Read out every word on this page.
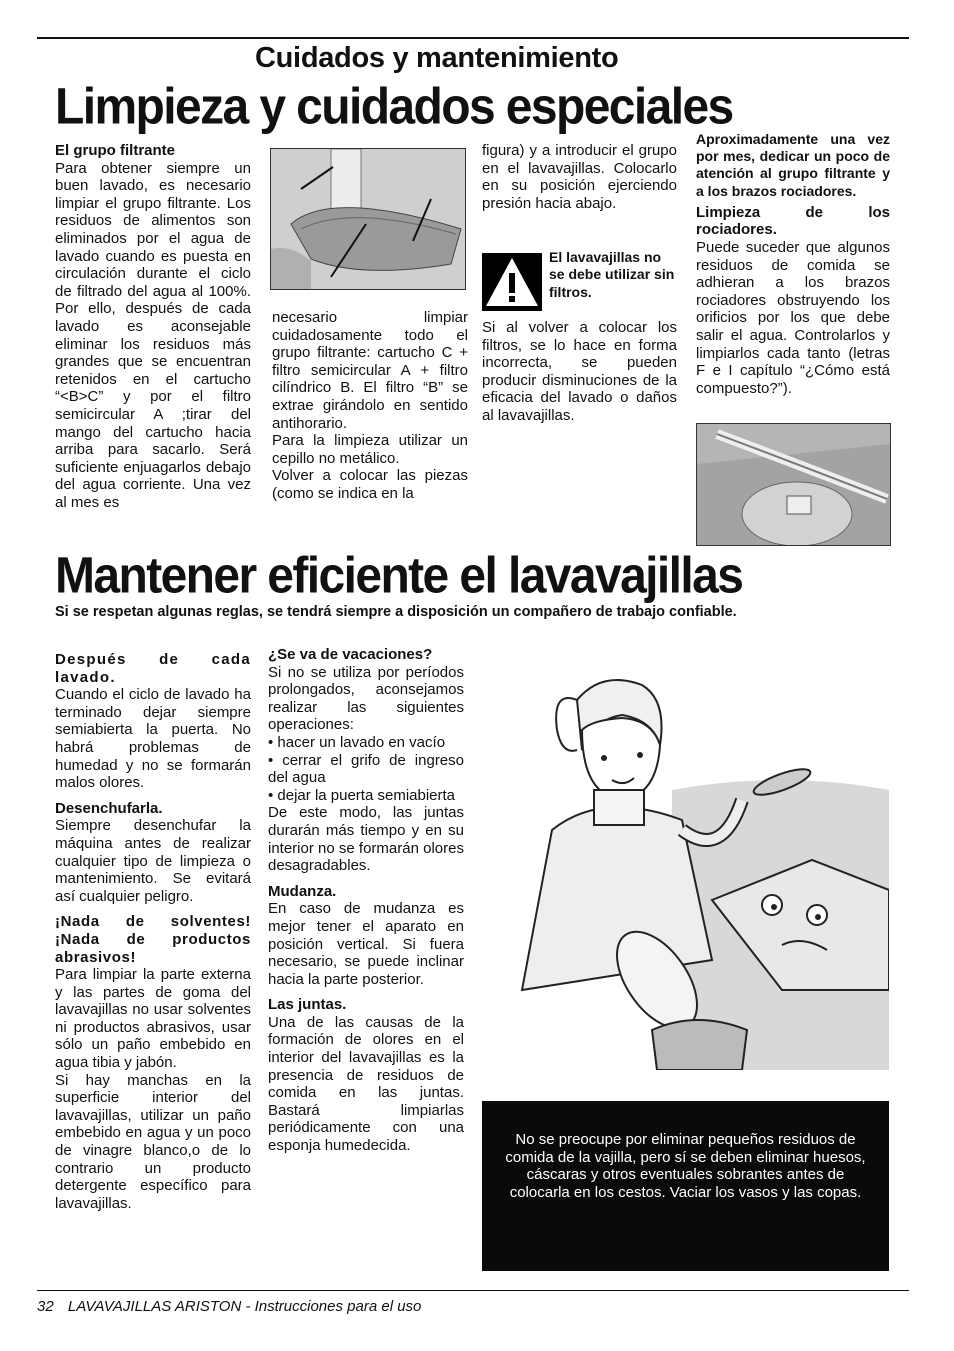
Cuidados y mantenimiento
Limpieza y cuidados especiales
El grupo filtrante

Para obtener siempre un buen lavado, es necesario limpiar el grupo filtrante. Los residuos de alimentos son eliminados por el agua de lavado cuando es puesta en circulación durante el ciclo de filtrado del agua al 100%. Por ello, después de cada lavado es aconsejable eliminar los residuos más grandes que se encuentran retenidos en el cartucho “<B>C” y por el filtro semicircular A ;tirar del mango del cartucho hacia arriba para sacarlo. Será suficiente enjuagarlos debajo del agua corriente. Una vez al mes es

necesario limpiar cuidadosamente todo el grupo filtrante: cartucho C + filtro semicircular A + filtro cilíndrico B. El filtro “B” se extrae girándolo en sentido antihorario.

Para la limpieza utilizar un cepillo no metálico.

Volver a colocar las piezas (como se indica en la

figura) y a introducir el grupo en el lavavajillas. Colocarlo en su posición ejerciendo presión hacia abajo.

El lavavajillas no se debe utilizar sin filtros.
Si al volver a colocar los filtros, se lo hace en forma incorrecta, se pueden producir disminuciones de la eficacia del lavado o daños al lavavajillas.

Aproximadamente una vez por mes, dedicar un poco de atención al grupo filtrante y a los brazos rociadores.

Limpieza de los rociadores.

Puede suceder que algunos residuos de comida se adhieran a los brazos rociadores obstruyendo los orificios por los que debe salir el agua. Controlarlos y limpiarlos cada tanto (letras F e I capítulo “¿Cómo está compuesto?”).

Mantener eficiente el lavavajillas
Si se respetan algunas reglas, se tendrá siempre a disposición un compañero de trabajo confiable.
Después de cada lavado.

Cuando el ciclo de lavado ha terminado dejar siempre semiabierta la puerta. No habrá problemas de humedad y no se formarán malos olores.

Desenchufarla.

Siempre desenchufar la máquina antes de realizar cualquier tipo de limpieza o mantenimiento. Se evitará así cualquier peligro.

¡Nada de solventes! ¡Nada de productos abrasivos!

Para limpiar la parte externa y las partes de goma del lavavajillas no usar solventes ni productos abrasivos, usar sólo un paño embebido en agua tibia y jabón.

Si hay manchas en la superficie interior del lavavajillas, utilizar un paño embebido en agua y un poco de vinagre blanco,o de lo contrario un producto detergente específico para lavavajillas.

¿Se va de vacaciones?

Si no se utiliza por períodos prolongados, aconsejamos realizar las siguientes operaciones:

• hacer un lavado en vacío

• cerrar el grifo de ingreso del agua

• dejar la puerta semiabierta

De este modo, las juntas durarán más tiempo y en su interior no se formarán olores desagradables.

Mudanza.

En caso de mudanza es mejor tener el aparato en posición vertical. Si fuera necesario, se puede inclinar hacia la parte posterior.

Las juntas.

Una de las causas de la formación de olores en el interior del lavavajillas es la presencia de residuos de comida en las juntas. Bastará limpiarlas periódicamente con una esponja humedecida.	No se preocupe por eliminar pequeños residuos de comida de la vajilla, pero sí se deben eliminar huesos, cáscaras y otros eventuales sobrantes antes de colocarla en los cestos. Vaciar los vasos y las copas.
32 LAVAVAJILLAS ARISTON - Instrucciones para el uso
